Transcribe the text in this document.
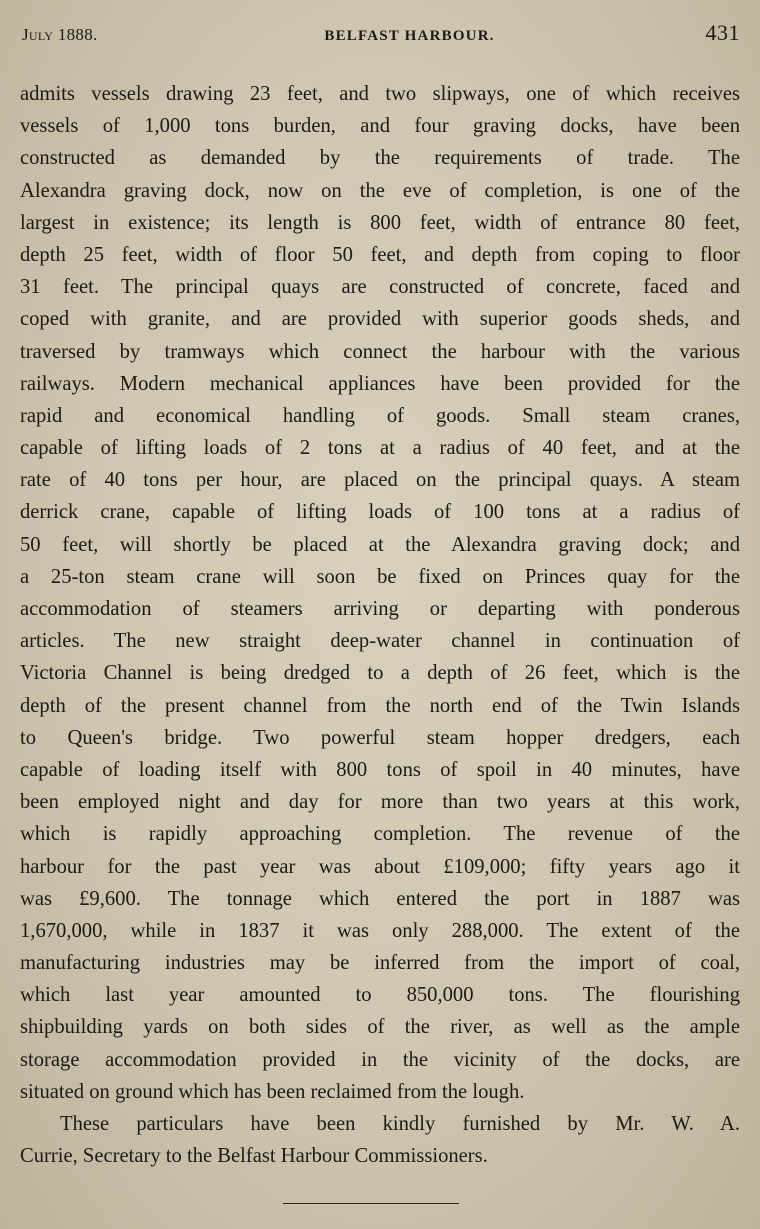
July 1888.	BELFAST HARBOUR.	431
admits vessels drawing 23 feet, and two slipways, one of which receives
vessels of 1,000 tons burden, and four graving docks, have been
constructed as demanded by the requirements of trade. The
Alexandra graving dock, now on the eve of completion, is one of the
largest in existence; its length is 800 feet, width of entrance 80 feet,
depth 25 feet, width of floor 50 feet, and depth from coping to floor
31 feet. The principal quays are constructed of concrete, faced and
coped with granite, and are provided with superior goods sheds, and
traversed by tramways which connect the harbour with the various
railways. Modern mechanical appliances have been provided for the
rapid and economical handling of goods. Small steam cranes,
capable of lifting loads of 2 tons at a radius of 40 feet, and at the
rate of 40 tons per hour, are placed on the principal quays. A steam
derrick crane, capable of lifting loads of 100 tons at a radius of
50 feet, will shortly be placed at the Alexandra graving dock; and
a 25-ton steam crane will soon be fixed on Princes quay for the
accommodation of steamers arriving or departing with ponderous
articles. The new straight deep-water channel in continuation of
Victoria Channel is being dredged to a depth of 26 feet, which is the
depth of the present channel from the north end of the Twin Islands
to Queen's bridge. Two powerful steam hopper dredgers, each
capable of loading itself with 800 tons of spoil in 40 minutes, have
been employed night and day for more than two years at this work,
which is rapidly approaching completion. The revenue of the
harbour for the past year was about £109,000; fifty years ago it
was £9,600. The tonnage which entered the port in 1887 was
1,670,000, while in 1837 it was only 288,000. The extent of the
manufacturing industries may be inferred from the import of coal,
which last year amounted to 850,000 tons. The flourishing
shipbuilding yards on both sides of the river, as well as the ample
storage accommodation provided in the vicinity of the docks, are
situated on ground which has been reclaimed from the lough.
These particulars have been kindly furnished by Mr. W. A.
Currie, Secretary to the Belfast Harbour Commissioners.
